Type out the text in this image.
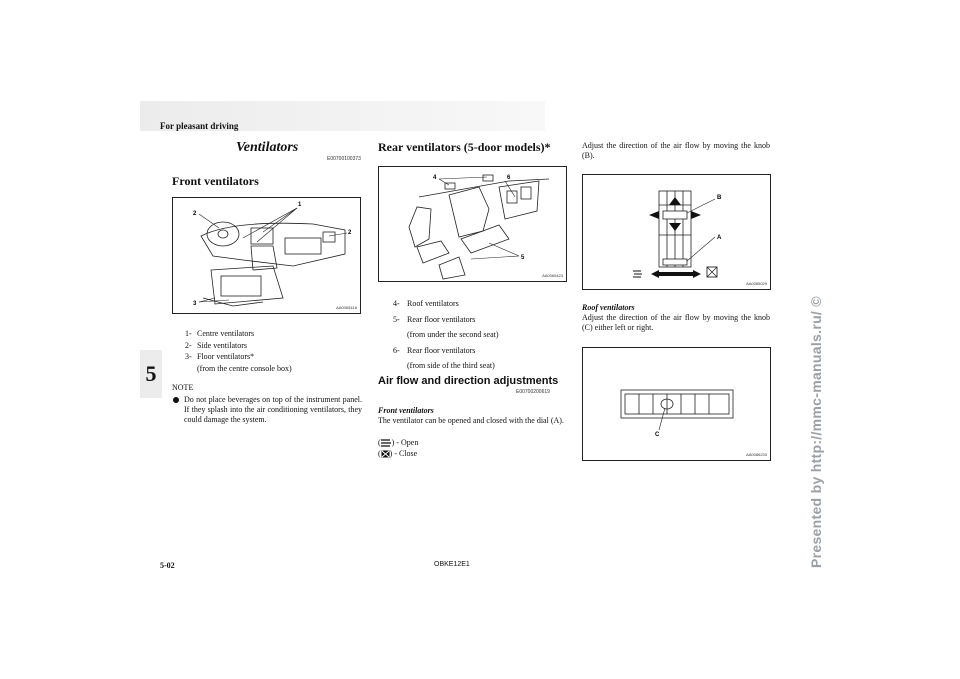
For pleasant driving
5	Presented by http://mmc-manuals.ru/ ©
Ventilators
E00700100373
Front ventilators
1
2
2
3
AA0065418
1- Centre ventilators
2- Side ventilators
3- Floor ventilators*
(from the centre console box)
NOTE
Do not place beverages on top of the instrument panel. If they splash into the air conditioning ventilators, they could damage the system.
Rear ventilators (5-door models)*
4	6
5
AA0065423
4- Roof ventilators
5- Rear floor ventilators
(from under the second seat)
6- Rear floor ventilators
(from side of the third seat)
Air flow and direction adjustments
E00700200619
Front ventilators
The ventilator can be opened and closed with the dial (A).
( ) - Open
( ) - Close
Adjust the direction of the air flow by moving the knob (B).
B
A
AA0085029
Roof ventilators
Adjust the direction of the air flow by moving the knob (C) either left or right.
C
AA0086233
5-02	OBKE12E1
